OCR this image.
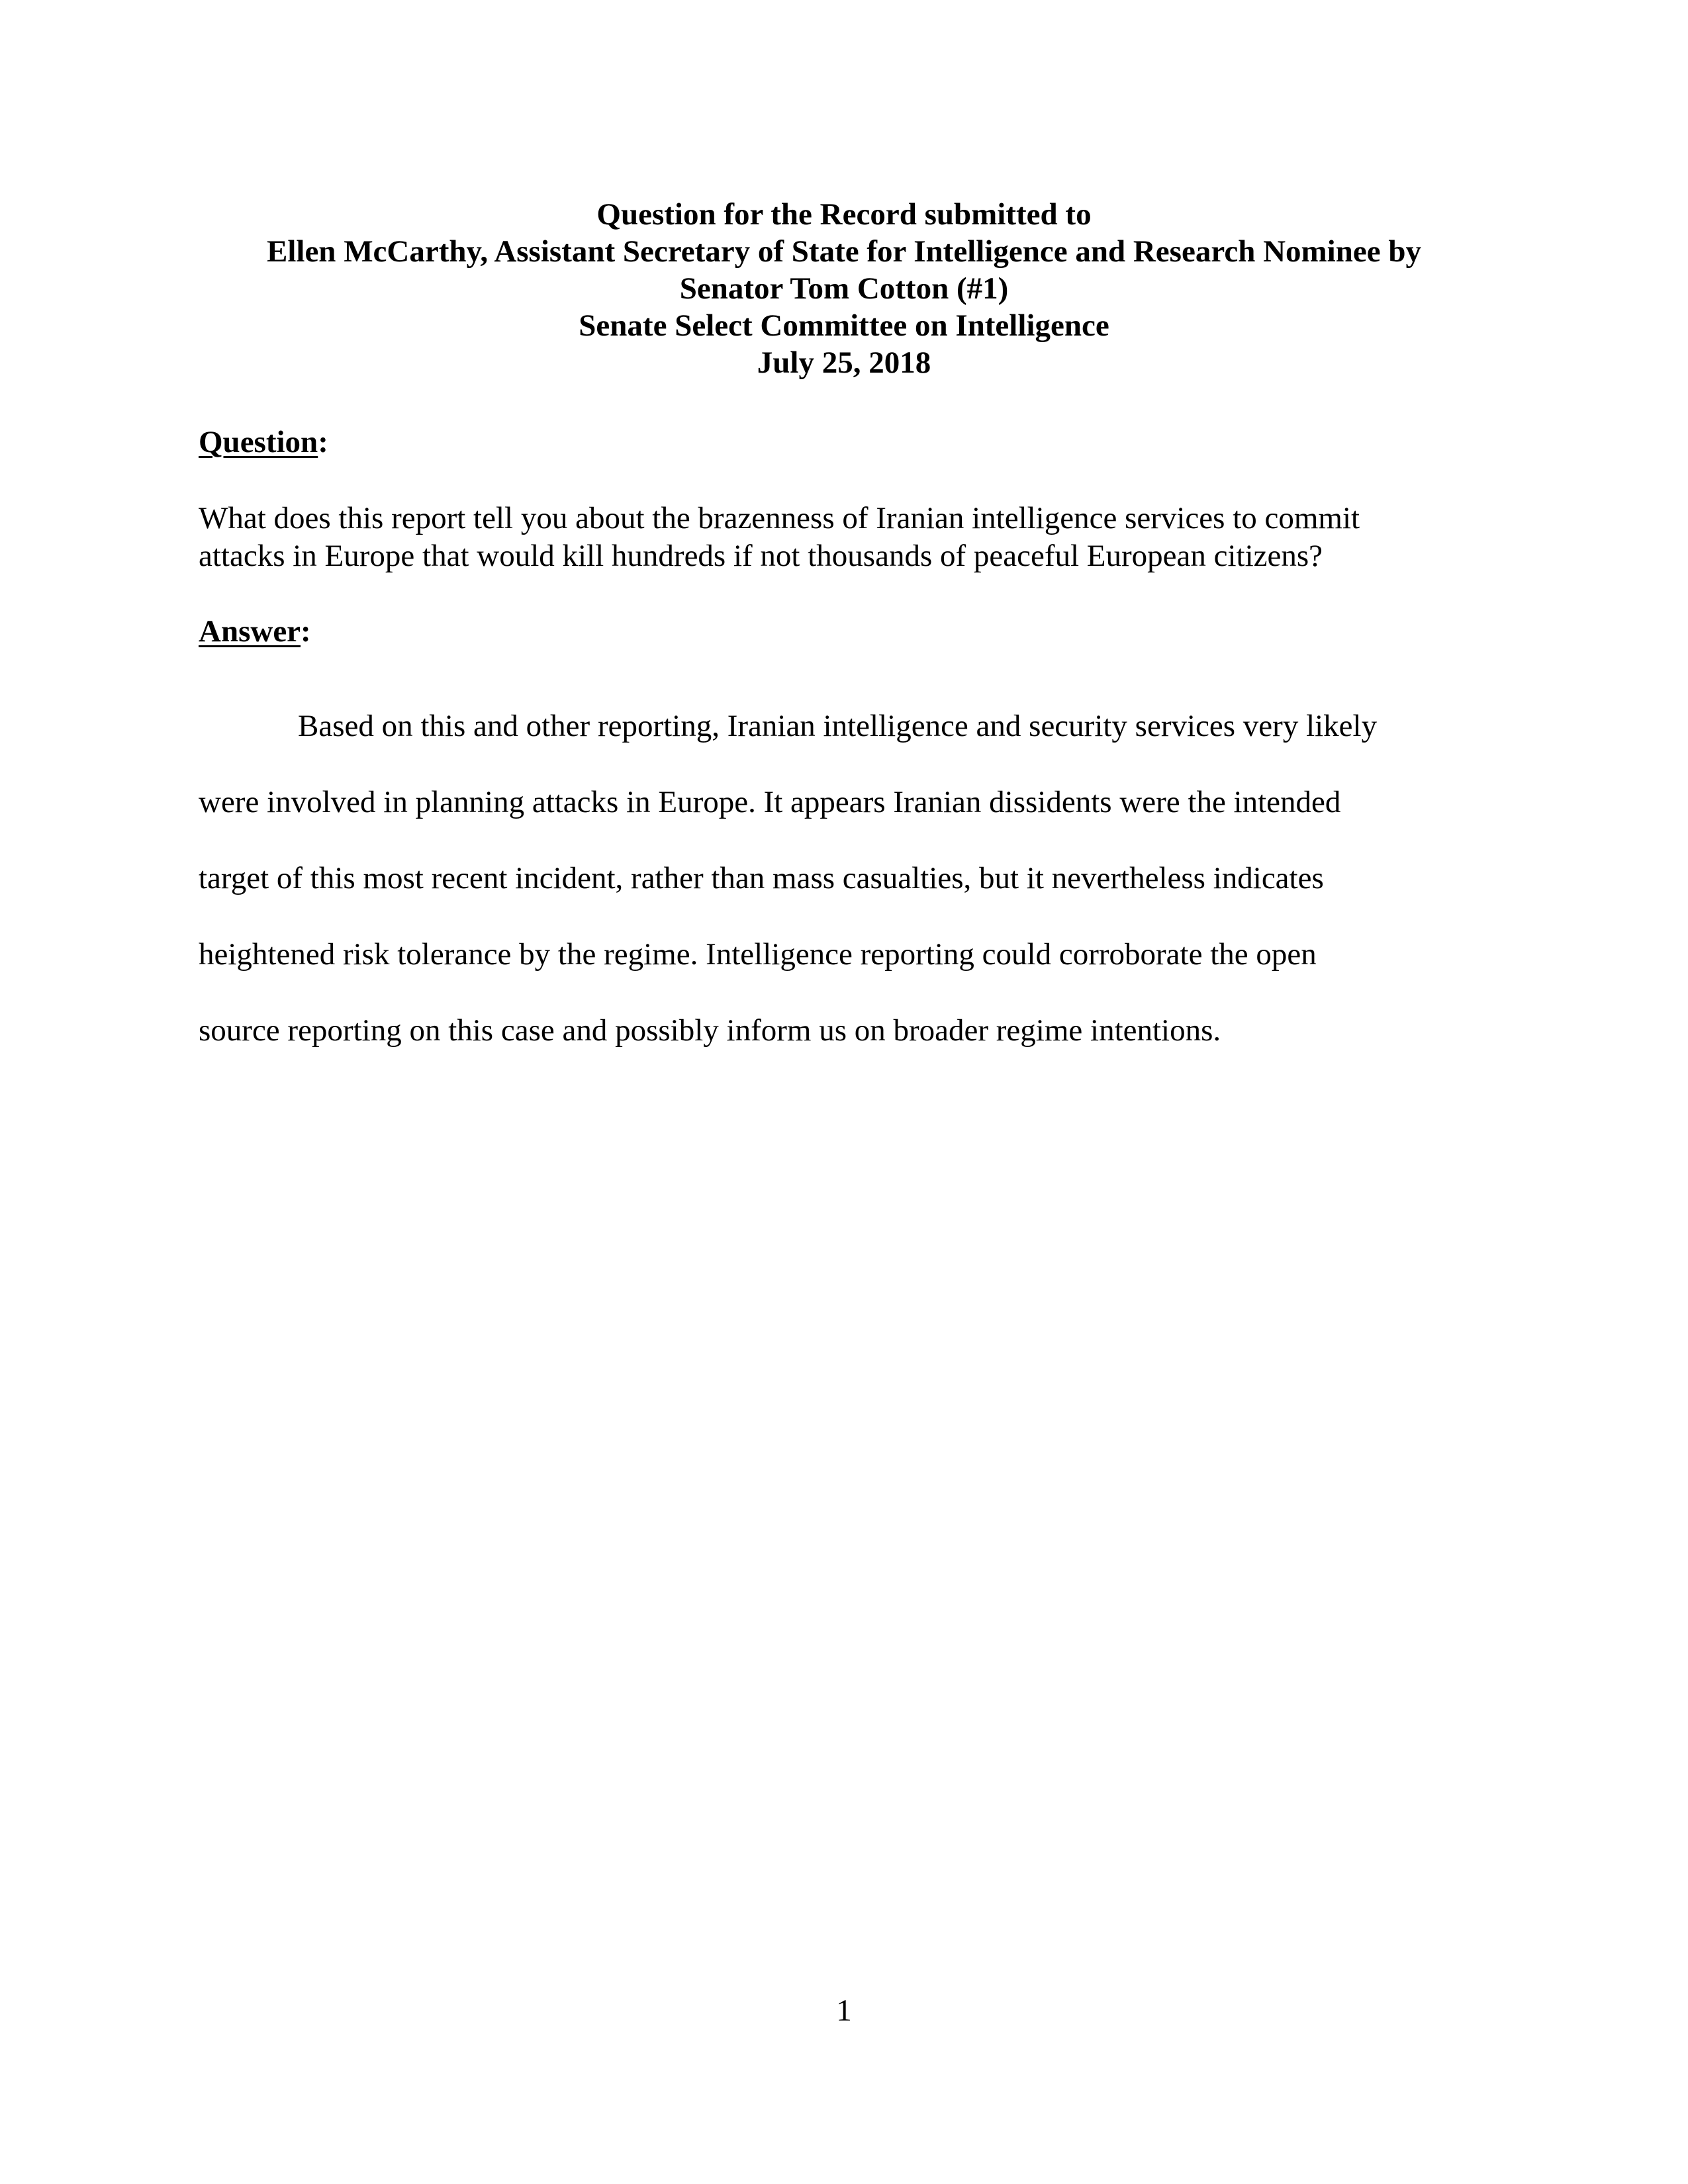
Question for the Record submitted to
Ellen McCarthy, Assistant Secretary of State for Intelligence and Research Nominee by
Senator Tom Cotton (#1)
Senate Select Committee on Intelligence
July 25, 2018
Question:
What does this report tell you about the brazenness of Iranian intelligence services to commit
attacks in Europe that would kill hundreds if not thousands of peaceful European citizens?
Answer:
Based on this and other reporting, Iranian intelligence and security services very likely
were involved in planning attacks in Europe. It appears Iranian dissidents were the intended
target of this most recent incident, rather than mass casualties, but it nevertheless indicates
heightened risk tolerance by the regime. Intelligence reporting could corroborate the open
source reporting on this case and possibly inform us on broader regime intentions.
1
